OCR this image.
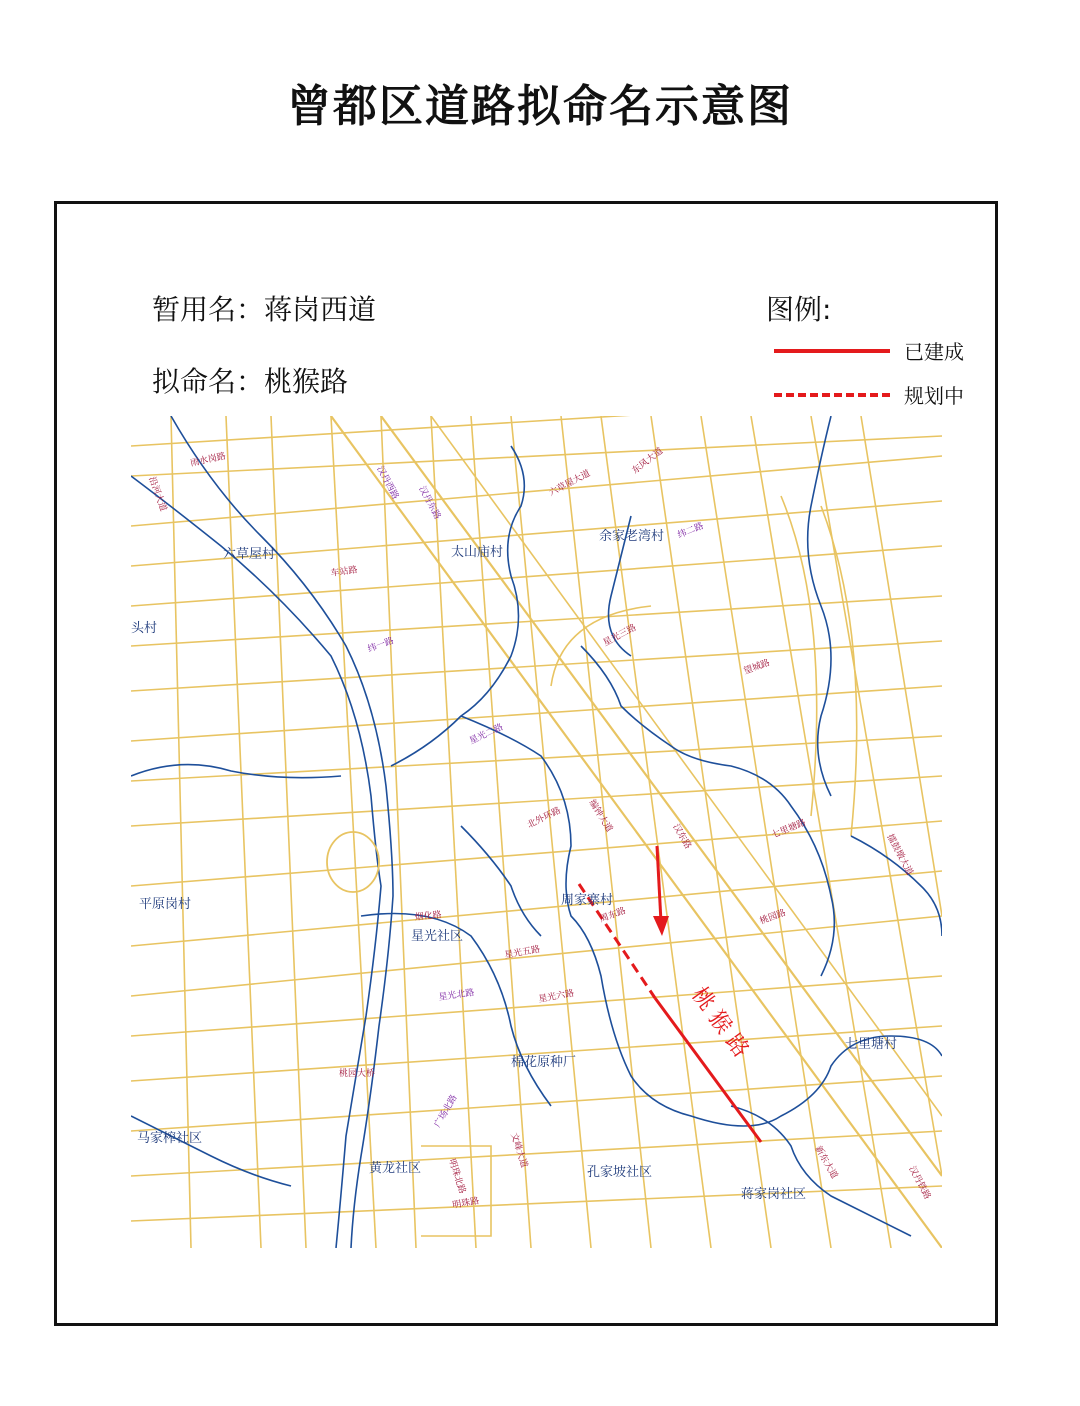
曾都区道路拟命名示意图
暂用名：蒋岗西道
拟命名：桃猴路
图例:
已建成
规划中
桃 猴 路
六草屋村	太山庙村
余家老湾村
头村
平原岗村	周家寨村
星光社区
棉花原种厂
马家榨社区
黄龙社区	孔家坡社区
七里塘村
蒋家岗社区
雨水岗路
沿河大道	汉丹西路
汉丹东路
六草屋大道
东风大道
纬一路
星光二路
北外环路	编钟大道
星光五路
星光北路	星光六路
桃园大桥
广场北路
明珠路
新东大道
七里塘路
文峰大道
汉东路
纬二路
车站路
星光三路
烟化路	桃园路
擂鼓墩大道
汉丹铁路
望城路
周东路
明珠北路
